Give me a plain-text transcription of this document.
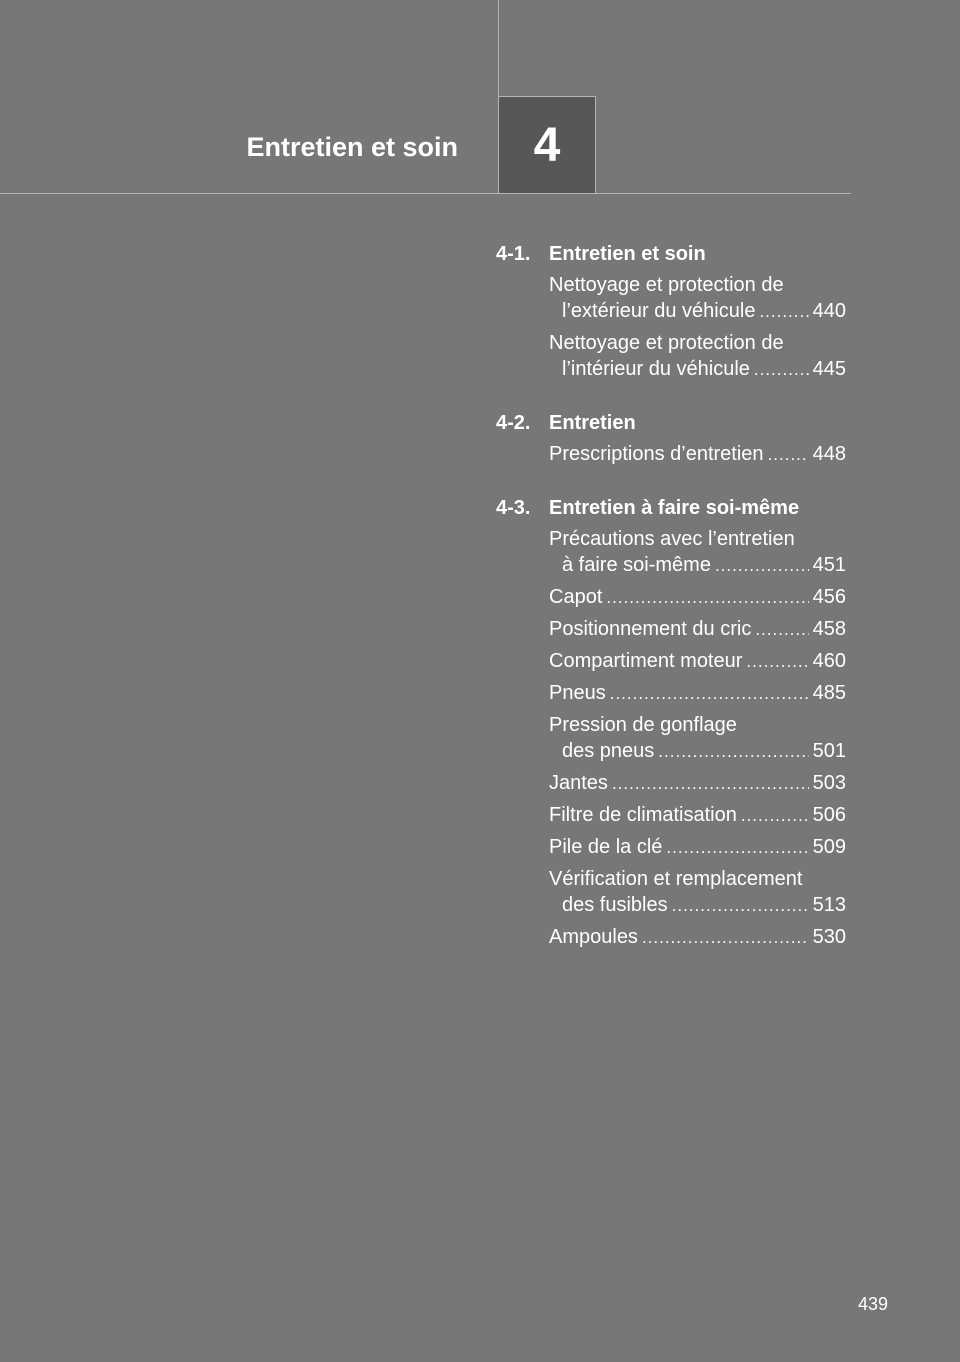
Entretien et soin 4
4-1. Entretien et soin
Nettoyage et protection de
l’extérieur du véhicule .....	440
Nettoyage et protection de
l’intérieur du véhicule .....	445
4-2. Entretien
Prescriptions d’entretien ..... 448
4-3. Entretien à faire soi-même
Précautions avec l’entretien
à faire soi-même .....	451
Capot .....	456
Positionnement du cric .....	458
Compartiment moteur .....	460
Pneus .....	485
Pression de gonflage
des pneus .....	501
Jantes .....	503
Filtre de climatisation .....	506
Pile de la clé .....	509
Vérification et remplacement
des fusibles .....	513
Ampoules .....	530
439
